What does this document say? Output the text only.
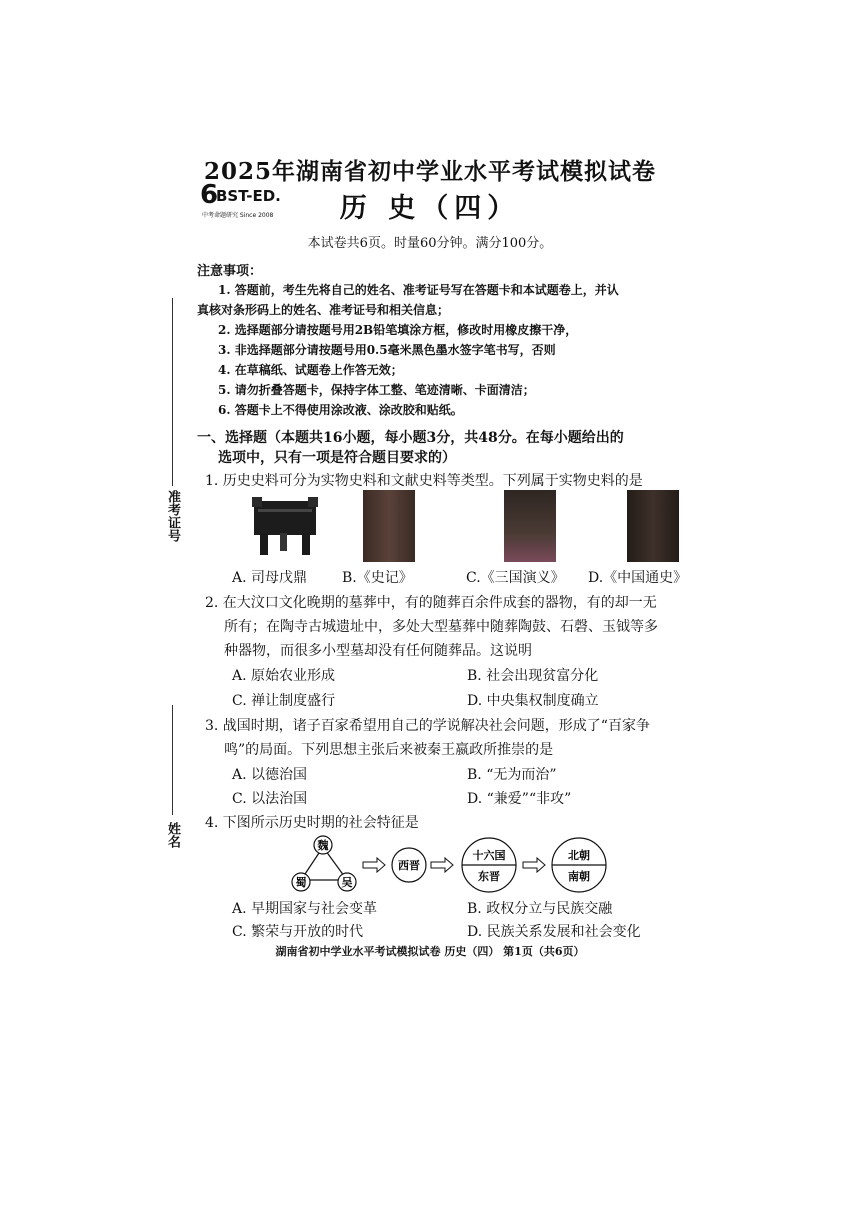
2025年湖南省初中学业水平考试模拟试卷
6
BST-ED.
中考命题研究 Since 2008	历 史（四）
本试卷共6页。时量60分钟。满分100分。
注意事项：
1. 答题前，考生先将自己的姓名、准考证号写在答题卡和本试题卷上，并认
真核对条形码上的姓名、准考证号和相关信息；
2. 选择题部分请按题号用2B铅笔填涂方框，修改时用橡皮擦干净，
3. 非选择题部分请按题号用0.5毫米黑色墨水签字笔书写，否则
4. 在草稿纸、试题卷上作答无效；
5. 请勿折叠答题卡，保持字体工整、笔迹清晰、卡面清洁；
6. 答题卡上不得使用涂改液、涂改胶和贴纸。
准考证号
姓名
一、选择题（本题共16小题，每小题3分，共48分。在每小题给出的
选项中，只有一项是符合题目要求的）
1. 历史史料可分为实物史料和文献史料等类型。下列属于实物史料的是
A. 司母戊鼎 B.《史记》	C.《三国演义》 D.《中国通史》
2. 在大汶口文化晚期的墓葬中，有的随葬百余件成套的器物，有的却一无
所有；在陶寺古城遗址中，多处大型墓葬中随葬陶鼓、石磬、玉钺等多
种器物，而很多小型墓却没有任何随葬品。这说明
A. 原始农业形成	B. 社会出现贫富分化
C. 禅让制度盛行	D. 中央集权制度确立
3. 战国时期，诸子百家希望用自己的学说解决社会问题，形成了“百家争
鸣”的局面。下列思想主张后来被秦王嬴政所推崇的是
A. 以德治国	B. “无为而治”
C. 以法治国	D. “兼爱”“非攻”
4. 下图所示历史时期的社会特征是
魏
蜀	吴
西晋
十六国
东晋
北朝
南朝
A. 早期国家与社会变革	B. 政权分立与民族交融
C. 繁荣与开放的时代	D. 民族关系发展和社会变化
湖南省初中学业水平考试模拟试卷 历史（四） 第1页（共6页）
